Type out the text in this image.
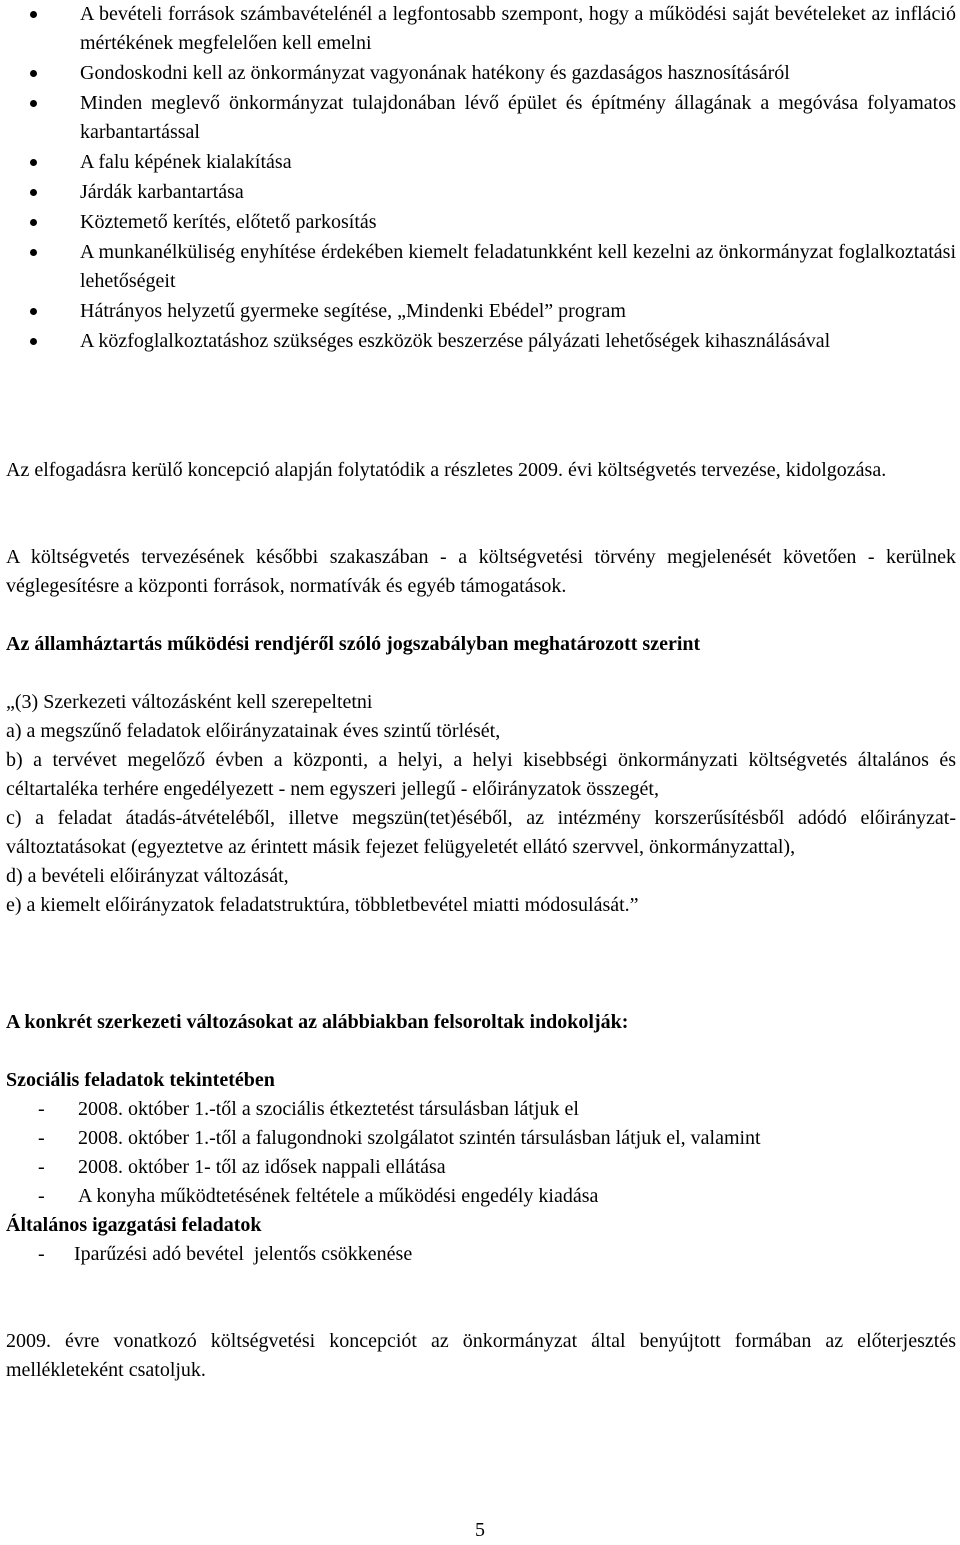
A bevételi források számbavételénél a legfontosabb szempont, hogy a működési saját bevételeket az infláció mértékének megfelelően kell emelni
Gondoskodni kell az önkormányzat vagyonának hatékony és gazdaságos hasznosításáról
Minden meglevő önkormányzat tulajdonában lévő épület és építmény állagának a megóvása folyamatos karbantartással
A falu képének kialakítása
Járdák karbantartása
Köztemető kerítés, előtető parkosítás
A munkanélküliség enyhítése érdekében kiemelt feladatunkként kell kezelni az önkormányzat foglalkoztatási lehetőségeit
Hátrányos helyzetű gyermeke segítése, „Mindenki Ebédel” program
A közfoglalkoztatáshoz szükséges eszközök beszerzése pályázati lehetőségek kihasználásával

Az elfogadásra kerülő koncepció alapján folytatódik a részletes 2009. évi költségvetés tervezése, kidolgozása.

A költségvetés tervezésének későbbi szakaszában - a költségvetési törvény megjelenését követően - kerülnek véglegesítésre a központi források, normatívák és egyéb támogatások.

Az államháztartás működési rendjéről szóló jogszabályban meghatározott szerint

„(3) Szerkezeti változásként kell szerepeltetni
a) a megszűnő feladatok előirányzatainak éves szintű törlését,
b) a tervévet megelőző évben a központi, a helyi, a helyi kisebbségi önkormányzati költségvetés általános és céltartaléka terhére engedélyezett - nem egyszeri jellegű - előirányzatok összegét,
c) a feladat átadás-átvételéből, illetve megszün(tet)éséből, az intézmény korszerűsítésből adódó előirányzat-változtatásokat (egyeztetve az érintett másik fejezet felügyeletét ellátó szervvel, önkormányzattal),
d) a bevételi előirányzat változását,
e) a kiemelt előirányzatok feladatstruktúra, többletbevétel miatti módosulását.”

A konkrét szerkezeti változásokat az alábbiakban felsoroltak indokolják:

Szociális feladatok tekintetében

- 2008. október 1.-től a szociális étkeztetést társulásban látjuk el
- 2008. október 1.-től a falugondnoki szolgálatot szintén társulásban látjuk el, valamint
- 2008. október 1- től az idősek nappali ellátása
- A konyha működtetésének feltétele a működési engedély kiadása

Általános igazgatási feladatok

- Iparűzési adó bevétel  jelentős csökkenése

2009. évre vonatkozó költségvetési koncepciót az önkormányzat által benyújtott formában az előterjesztés mellékleteként csatoljuk.

5
